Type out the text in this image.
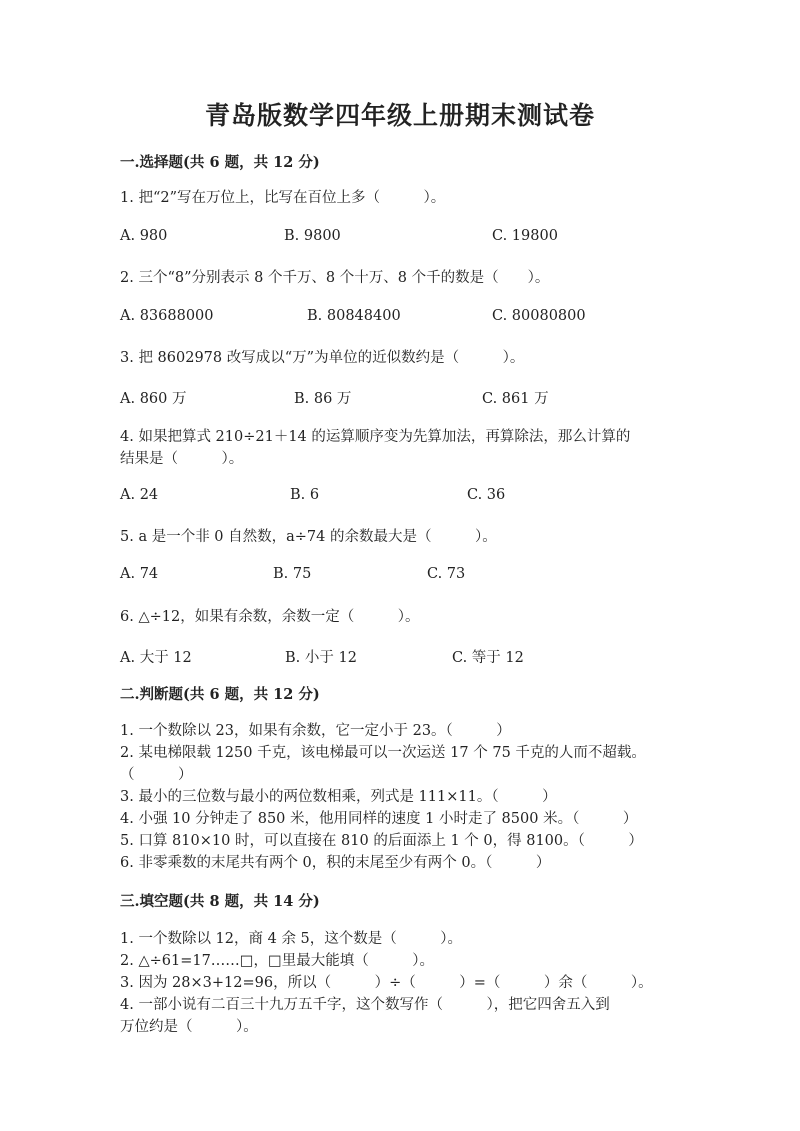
青岛版数学四年级上册期末测试卷
一.选择题(共 6 题，共 12 分)
1. 把“2”写在万位上，比写在百位上多（　　　）。
A. 980	B. 9800	C. 19800
2. 三个“8”分别表示 8 个千万、8 个十万、8 个千的数是（　　）。
A. 83688000	B. 80848400	C. 80080800
3. 把 8602978 改写成以“万”为单位的近似数约是（　　　）。
A. 860 万	B. 86 万	C. 861 万
4. 如果把算式 210÷21＋14 的运算顺序变为先算加法，再算除法，那么计算的
结果是（　　　）。
A. 24	B. 6	C. 36
5. a 是一个非 0 自然数，a÷74 的余数最大是（　　　）。
A. 74	B. 75	C. 73
6. △÷12，如果有余数，余数一定（　　　）。
A. 大于 12	B. 小于 12	C. 等于 12
二.判断题(共 6 题，共 12 分)
1. 一个数除以 23，如果有余数，它一定小于 23。（　　　）
2. 某电梯限载 1250 千克，该电梯最可以一次运送 17 个 75 千克的人而不超载。
（　　　）
3. 最小的三位数与最小的两位数相乘，列式是 111×11。（　　　）
4. 小强 10 分钟走了 850 米，他用同样的速度 1 小时走了 8500 米。（　　　）
5. 口算 810×10 时，可以直接在 810 的后面添上 1 个 0，得 8100。（　　　）
6. 非零乘数的末尾共有两个 0，积的末尾至少有两个 0。（　　　）
三.填空题(共 8 题，共 14 分)
1. 一个数除以 12，商 4 余 5，这个数是（　　　）。
2. △÷61=17……□，□里最大能填（　　　）。
3. 因为 28×3+12=96，所以（　　　）÷（　　　）=（　　　）余（　　　）。
4. 一部小说有二百三十九万五千字，这个数写作（　　　），把它四舍五入到
万位约是（　　　）。
